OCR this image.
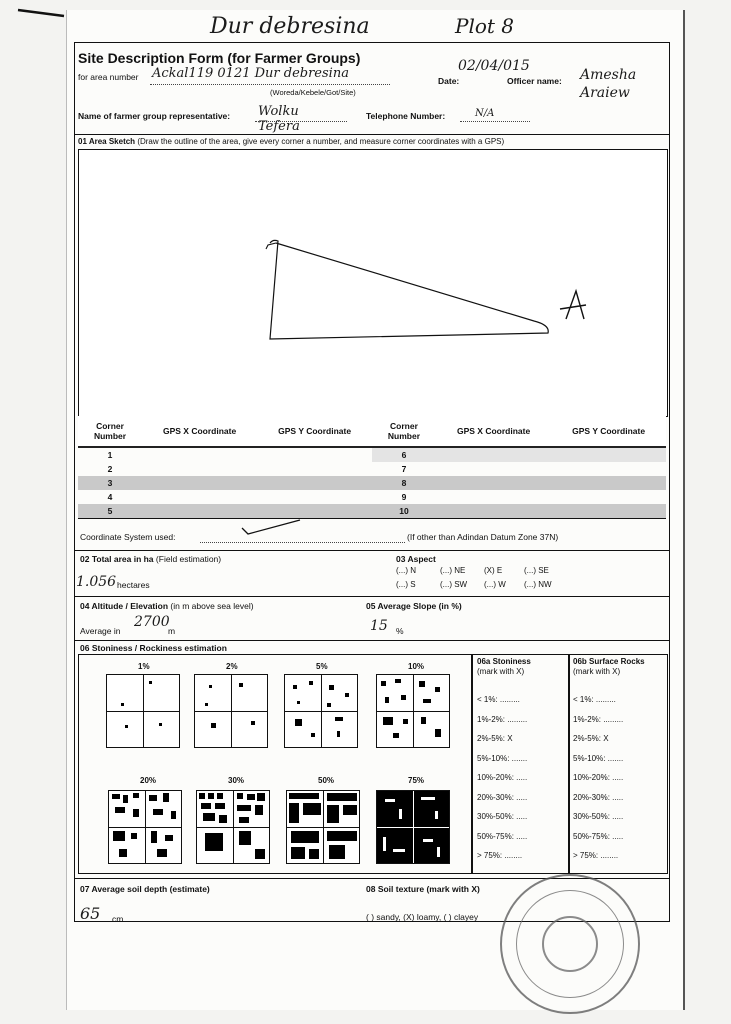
Dur debresina	Plot 8
Site Description Form (for Farmer Groups)
for area number Ackal119 0121 Dur debresina
(Woreda/Kebele/Got/Site)
Date:
02/04/015
Officer name: Amesha Araiew
Name of farmer group representative: Wolku Tefera
Telephone Number:	N/A
01 Area Sketch (Draw the outline of the area, give every corner a number, and measure corner coordinates with a GPS)
Corner Number	GPS X Coordinate	GPS Y Coordinate	Corner Number	GPS X Coordinate	GPS Y Coordinate
1			6		
2			7		
3			8		
4			9		
5			10		
Coordinate System used:	(If other than Adindan Datum Zone 37N)
02 Total area in ha (Field estimation)
1.056 hectares
03 Aspect
(...) N	(...) NE (X) E	(...) SE
(...) S	(...) SW (...) W (...) NW
04 Altitude / Elevation (in m above sea level)
Average in
2700
m
05 Average Slope (in %)
15 %
06 Stoniness / Rockiness estimation
1%	2%	5%	10%
20%	30%	50%	75%
06a Stoniness
(mark with X)
06b Surface Rocks
(mark with X)
< 1%: .........
1%-2%: .........
2%-5%: X
5%-10%: .......
10%-20%: .....
20%-30%: .....
30%-50%: .....
50%-75%: .....
> 75%: ........
< 1%: .........
1%-2%: .........
2%-5%: X
5%-10%: .......
10%-20%: .....
20%-30%: .....
30%-50%: .....
50%-75%: .....
> 75%: ........
07 Average soil depth (estimate)
65 cm
08 Soil texture (mark with X)
( ) sandy, (X) loamy, ( ) clayey
